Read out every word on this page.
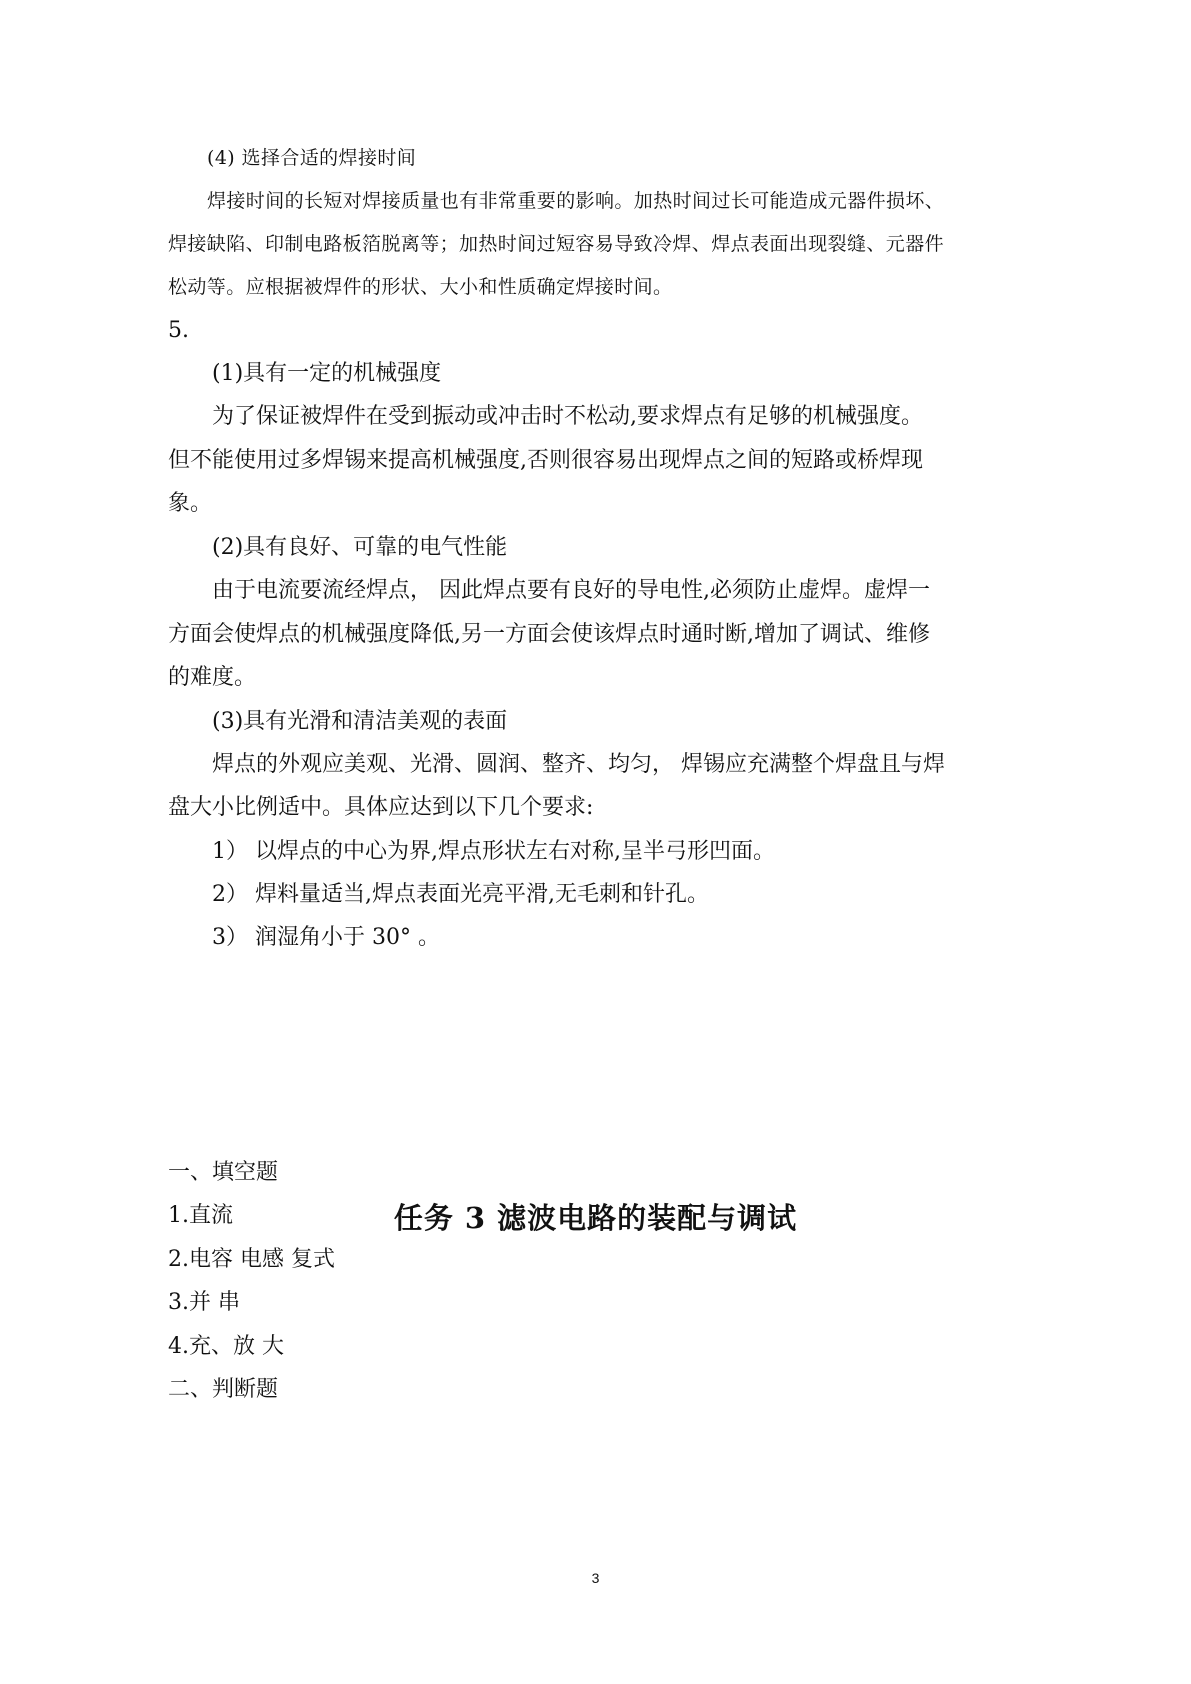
(4) 选择合适的焊接时间

焊接时间的长短对焊接质量也有非常重要的影响。加热时间过长可能造成元器件损坏、

焊接缺陷、印制电路板箔脱离等；加热时间过短容易导致冷焊、焊点表面出现裂缝、元器件

松动等。应根据被焊件的形状、大小和性质确定焊接时间。

5.

(1)具有一定的机械强度

为了保证被焊件在受到振动或冲击时不松动,要求焊点有足够的机械强度。

但不能使用过多焊锡来提高机械强度,否则很容易出现焊点之间的短路或桥焊现

象。

(2)具有良好、可靠的电气性能

由于电流要流经焊点， 因此焊点要有良好的导电性,必须防止虚焊。虚焊一

方面会使焊点的机械强度降低,另一方面会使该焊点时通时断,增加了调试、维修

的难度。

(3)具有光滑和清洁美观的表面

焊点的外观应美观、光滑、圆润、整齐、均匀， 焊锡应充满整个焊盘且与焊

盘大小比例适中。具体应达到以下几个要求:

1） 以焊点的中心为界,焊点形状左右对称,呈半弓形凹面。

2） 焊料量适当,焊点表面光亮平滑,无毛刺和针孔。

3） 润湿角小于 30° 。

任务 3 滤波电路的装配与调试

一、填空题

1.直流

2.电容 电感 复式

3.并 串

4.充、放 大

二、判断题

3
